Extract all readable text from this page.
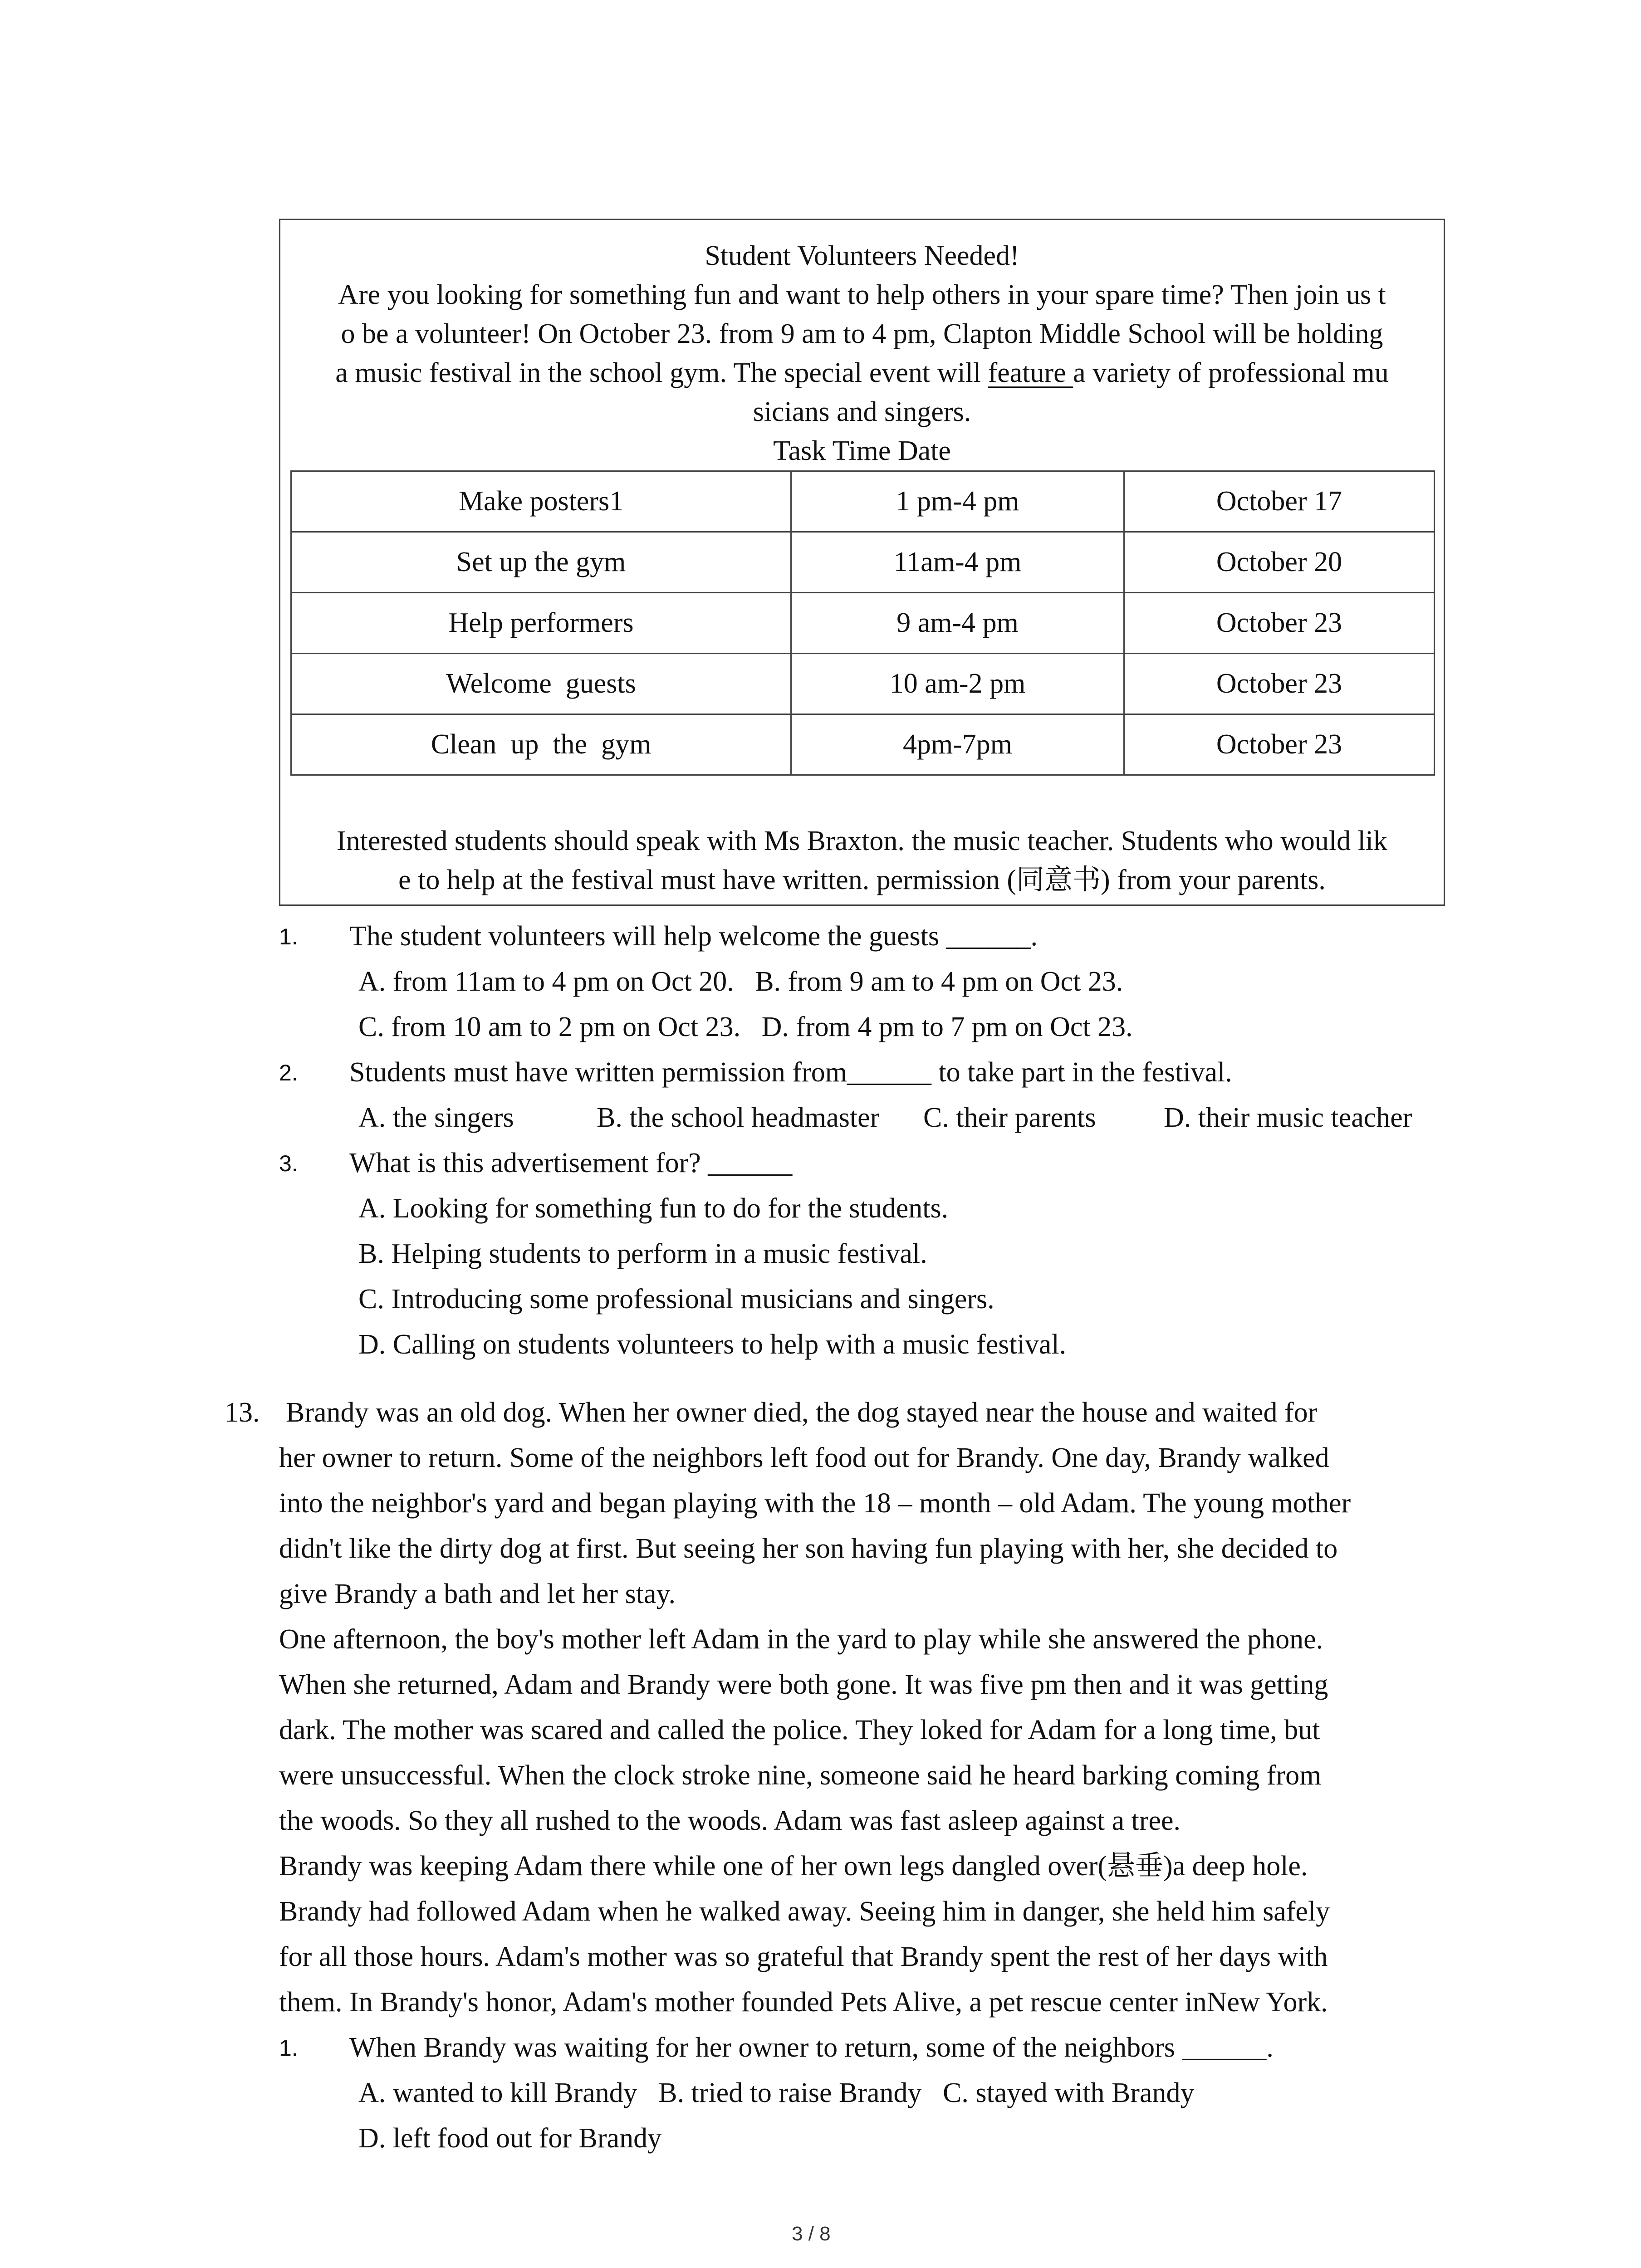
Student Volunteers Needed!
Are you looking for something fun and want to help others in your spare time? Then join us t
o be a volunteer! On October 23. from 9 am to 4 pm, Clapton Middle School will be holding
a music festival in the school gym. The special event will feature a variety of professional mu
sicians and singers.
Task Time Date
Interested students should speak with Ms Braxton. the music teacher. Students who would lik
e to help at the festival must have written. permission (同意书) from your parents.
Make posters1	1 pm-4 pm	October 17
Set up the gym	11am-4 pm	October 20
Help performers	9 am-4 pm	October 23
Welcome  guests	10 am-2 pm	October 23
Clean  up  the  gym	4pm-7pm	October 23
1. The student volunteers will help welcome the guests ______.
A. from 11am to 4 pm on Oct 20.   B. from 9 am to 4 pm on Oct 23.
C. from 10 am to 2 pm on Oct 23.   D. from 4 pm to 7 pm on Oct 23.
2. Students must have written permission from______ to take part in the festival.
A. the singers	B. the school headmaster C. their parents D. their music teacher
3. What is this advertisement for? ______
A. Looking for something fun to do for the students.
B. Helping students to perform in a music festival.
C. Introducing some professional musicians and singers.
D. Calling on students volunteers to help with a music festival.
13. Brandy was an old dog. When her owner died, the dog stayed near the house and waited for
her owner to return. Some of the neighbors left food out for Brandy. One day, Brandy walked
into the neighbor's yard and began playing with the 18 – month – old Adam. The young mother
didn't like the dirty dog at first. But seeing her son having fun playing with her, she decided to
give Brandy a bath and let her stay.
One afternoon, the boy's mother left Adam in the yard to play while she answered the phone.
When she returned, Adam and Brandy were both gone. It was five pm then and it was getting
dark. The mother was scared and called the police. They loked for Adam for a long time, but
were unsuccessful. When the clock stroke nine, someone said he heard barking coming from
the woods. So they all rushed to the woods. Adam was fast asleep against a tree.
Brandy was keeping Adam there while one of her own legs dangled over(悬垂)a deep hole.
Brandy had followed Adam when he walked away. Seeing him in danger, she held him safely
for all those hours. Adam's mother was so grateful that Brandy spent the rest of her days with
them. In Brandy's honor, Adam's mother founded Pets Alive, a pet rescue center inNew York.
1. When Brandy was waiting for her owner to return, some of the neighbors ______.
A. wanted to kill Brandy   B. tried to raise Brandy   C. stayed with Brandy
D. left food out for Brandy
3 / 8
